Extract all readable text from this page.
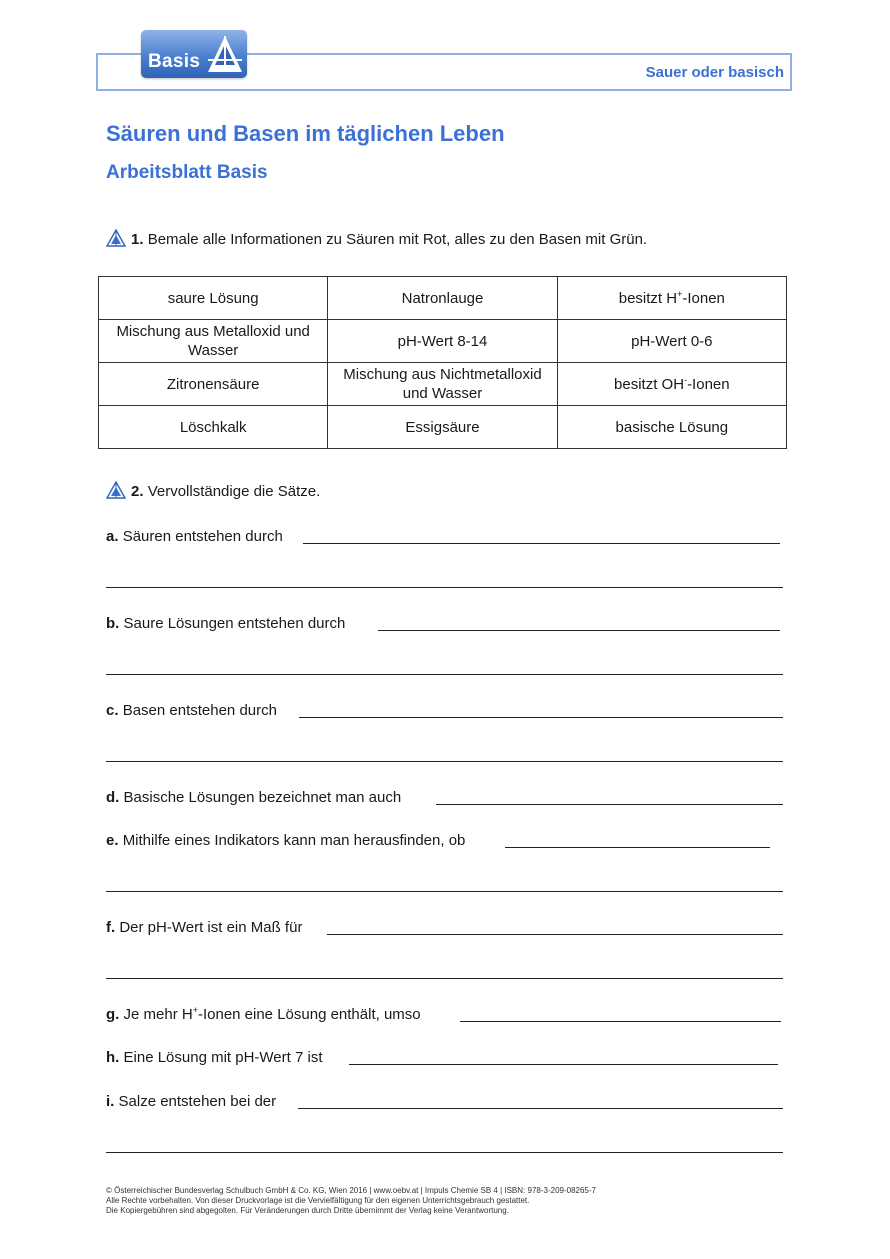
Basis
Sauer oder basisch
Säuren und Basen im täglichen Leben
Arbeitsblatt Basis
1. Bemale alle Informationen zu Säuren mit Rot, alles zu den Basen mit Grün.
saure Lösung	Natronlauge	besitzt H+-Ionen
Mischung aus Metalloxid und Wasser	pH-Wert 8-14	pH-Wert 0-6
Zitronensäure	Mischung aus Nichtmetalloxid und Wasser	besitzt OH--Ionen
Löschkalk	Essigsäure	basische Lösung
2. Vervollständige die Sätze.
a. Säuren entstehen durch
b. Saure Lösungen entstehen durch
c. Basen entstehen durch
d. Basische Lösungen bezeichnet man auch
e. Mithilfe eines Indikators kann man herausfinden, ob
f. Der pH-Wert ist ein Maß für
g. Je mehr H+-Ionen eine Lösung enthält, umso
h. Eine Lösung mit pH-Wert 7 ist
i. Salze entstehen bei der
© Österreichischer Bundesverlag Schulbuch GmbH & Co. KG, Wien 2016 | www.oebv.at | Impuls Chemie SB 4 | ISBN: 978-3-209-08265-7
Alle Rechte vorbehalten. Von dieser Druckvorlage ist die Vervielfältigung für den eigenen Unterrichtsgebrauch gestattet.
Die Kopiergebühren sind abgegolten. Für Veränderungen durch Dritte übernimmt der Verlag keine Verantwortung.
